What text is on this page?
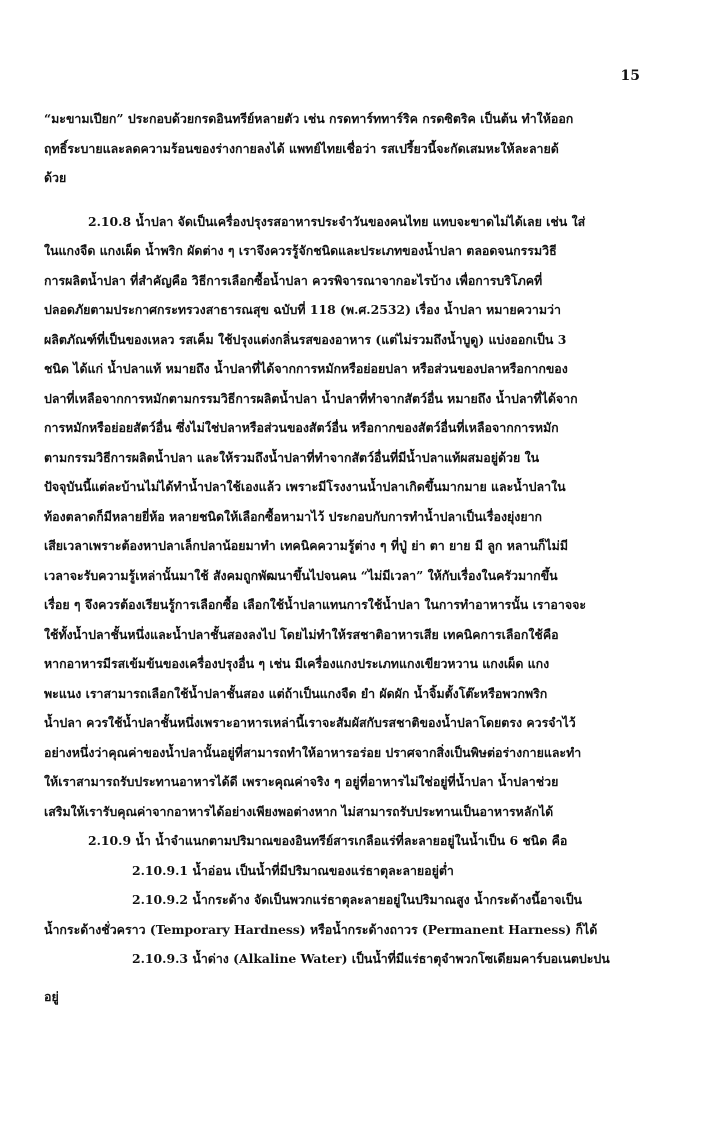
15

“มะขามเปียก” ประกอบด้วยกรดอินทรีย์หลายตัว เช่น กรดทาร์ททาร์ริค กรดซิตริค เป็นต้น ทำให้ออก

ฤทธิ์ระบายและลดความร้อนของร่างกายลงได้ แพทย์ไทยเชื่อว่า รสเปรี้ยวนี้จะกัดเสมหะให้ละลายด้

ด้วย

2.10.8 น้ำปลา จัดเป็นเครื่องปรุงรสอาหารประจำวันของคนไทย แทบจะขาดไม่ได้เลย เช่น ใส่

ในแกงจืด แกงเผ็ด น้ำพริก ผัดต่าง ๆ เราจึงควรรู้จักชนิดและประเภทของน้ำปลา ตลอดจนกรรมวิธี

การผลิตน้ำปลา ที่สำคัญคือ วิธีการเลือกซื้อน้ำปลา ควรพิจารณาจากอะไรบ้าง เพื่อการบริโภคที่

ปลอดภัยตามประกาศกระทรวงสาธารณสุข ฉบับที่ 118 (พ.ศ.2532) เรื่อง น้ำปลา หมายความว่า

ผลิตภัณฑ์ที่เป็นของเหลว รสเค็ม ใช้ปรุงแต่งกลิ่นรสของอาหาร (แต่ไม่รวมถึงน้ำบูดู) แบ่งออกเป็น 3

ชนิด ได้แก่ น้ำปลาแท้ หมายถึง น้ำปลาที่ได้จากการหมักหรือย่อยปลา หรือส่วนของปลาหรือกากของ

ปลาที่เหลือจากการหมักตามกรรมวิธีการผลิตน้ำปลา น้ำปลาที่ทำจากสัตว์อื่น หมายถึง น้ำปลาที่ได้จาก

การหมักหรือย่อยสัตว์อื่น ซึ่งไม่ใช่ปลาหรือส่วนของสัตว์อื่น หรือกากของสัตว์อื่นที่เหลือจากการหมัก

ตามกรรมวิธีการผลิตน้ำปลา และให้รวมถึงน้ำปลาที่ทำจากสัตว์อื่นที่มีน้ำปลาแท้ผสมอยู่ด้วย ใน

ปัจจุบันนี้แต่ละบ้านไม่ได้ทำน้ำปลาใช้เองแล้ว เพราะมีโรงงานน้ำปลาเกิดขึ้นมากมาย และน้ำปลาใน

ท้องตลาดก็มีหลายยี่ห้อ หลายชนิดให้เลือกซื้อหามาไว้ ประกอบกับการทำน้ำปลาเป็นเรื่องยุ่งยาก

เสียเวลาเพราะต้องหาปลาเล็กปลาน้อยมาทำ เทคนิคความรู้ต่าง ๆ ที่ปู่ ย่า ตา ยาย มี ลูก หลานก็ไม่มี

เวลาจะรับความรู้เหล่านั้นมาใช้ สังคมถูกพัฒนาขึ้นไปจนคน “ไม่มีเวลา” ให้กับเรื่องในครัวมากขึ้น

เรื่อย ๆ จึงควรต้องเรียนรู้การเลือกซื้อ เลือกใช้น้ำปลาแทนการใช้น้ำปลา ในการทำอาหารนั้น เราอาจจะ

ใช้ทั้งน้ำปลาชั้นหนึ่งและน้ำปลาชั้นสองลงไป โดยไม่ทำให้รสชาติอาหารเสีย เทคนิคการเลือกใช้คือ

หากอาหารมีรสเข้มข้นของเครื่องปรุงอื่น ๆ เช่น มีเครื่องแกงประเภทแกงเขียวหวาน แกงเผ็ด แกง

พะแนง เราสามารถเลือกใช้น้ำปลาชั้นสอง แต่ถ้าเป็นแกงจืด ยำ ผัดผัก น้ำจิ้มตั้งโต๊ะหรือพวกพริก

น้ำปลา ควรใช้น้ำปลาชั้นหนึ่งเพราะอาหารเหล่านี้เราจะสัมผัสกับรสชาติของน้ำปลาโดยตรง ควรจำไว้

อย่างหนึ่งว่าคุณค่าของน้ำปลานั้นอยู่ที่สามารถทำให้อาหารอร่อย ปราศจากสิ่งเป็นพิษต่อร่างกายและทำ

ให้เราสามารถรับประทานอาหารได้ดี เพราะคุณค่าจริง ๆ อยู่ที่อาหารไม่ใช่อยู่ที่น้ำปลา น้ำปลาช่วย

เสริมให้เรารับคุณค่าจากอาหารได้อย่างเพียงพอต่างหาก ไม่สามารถรับประทานเป็นอาหารหลักได้

2.10.9 น้ำ น้ำจำแนกตามปริมาณของอินทรีย์สารเกลือแร่ที่ละลายอยู่ในน้ำเป็น 6 ชนิด คือ

2.10.9.1 น้ำอ่อน เป็นน้ำที่มีปริมาณของแร่ธาตุละลายอยู่ต่ำ

2.10.9.2 น้ำกระด้าง จัดเป็นพวกแร่ธาตุละลายอยู่ในปริมาณสูง น้ำกระด้างนี้อาจเป็น

น้ำกระด้างชั่วคราว (Temporary Hardness) หรือน้ำกระด้างถาวร (Permanent Harness) ก็ได้

2.10.9.3 น้ำด่าง (Alkaline Water) เป็นน้ำที่มีแร่ธาตุจำพวกโซเดียมคาร์บอเนตปะปน

อยู่
